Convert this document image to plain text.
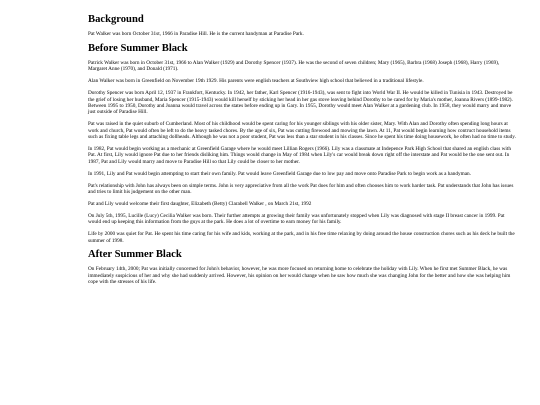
Background

Pat Walker was born October 31st, 1966 in Paradise Hill. He is the current handyman at Paradise Park.

Before Summer Black

Patrick Walker was born in October 31st, 1966 to Alan Walker (1929) and Dorothy Spencer (1937). He was the second of seven children; Mary (1965), Barbra (1968) Joseph (1968), Harry (1969), Margaret Anne (1970), and Donald (1971).

Alan Walker was born in Greenfield on November 19th 1929. His parents were english teachers at Southview high school that believed in a traditional lifestyle.

Dorothy Spencer was born April 12, 1937 in Frankfort, Kentucky. In 1942, her father, Karl Spencer (1916-1943), was sent to fight into World War II. He would be killed in Tunisia in 1943. Destroyed be the grief of losing her husband, Maria Spencer (1915-1943) would kill herself by sticking her head in her gas stove leaving behind Dorothy to be cared for by Maria's mother, Joanna Rivers (1899-1982). Between 1995 to 1950, Dorothy and Joanna would travel across the states before ending up in Gary. In 1955, Dorothy would meet Alan Walker at a gardening club. In 1958, they would marry and move just outside of Paradise Hill.

Pat was raised in the quiet suburb of Cumberland. Most of his childhood would be spent caring for his younger siblings with his older sister, Mary. With Alan and Dorothy often spending long hours at work and church, Pat would often be left to do the heavy tasked chores. By the age of six, Pat was cutting firewood and mowing the lawn. At 11, Pat would begin learning how contruct household items such as fixing table legs and attaching dollheads. Although he was not a poor student, Pat was less than a star student in his classes. Since he spent his time doing housework, he often had no time to study.

In 1982, Pat would begin working as a mechanic at Greenfield Garage where he would meet Lillian Rogers (1966). Lily was a classmate at Indepence Park High School that shared an english class with Pat. At first, Lily would ignore Pat due to her friends disliking him. Things would change in May of 1984 when Lily's car would break down right off the interstate and Pat would be the one sent out. In 1987, Pat and Lily would marry and move to Paradise Hill so that Lily could be closer to her mother.

In 1991, Lily and Pat would begin attempting to start their own family. Pat would leave Greenfield Garage due to low pay and move onto Paradise Park to begin work as a handyman.

Pat's relationship with John has always been on simple terms. John is very appreciative from all the work Pat does for him and often chooses him to work harder task. Pat understands that John has issues and tries to limit his judgement on the other man.

Pat and Lily would welcome their first daughter, Elizabeth (Betty) Clarabell Walker , on March 21st, 1992

On July 5th, 1995, Lucille (Lucy) Cecilia Walker was born. Their further attempts at growing their family was unfortunately stopped when Lily was diagnosed with stage II breast cancer in 1999. Pat would end up keeping this information from the guys at the park. He does a lot of overtime to earn money for his family.

Life by 2000 was quiet for Pat. He spent his time caring for his wife and kids, working at the park, and in his free time relaxing by doing around the house construction chores such as his deck he built the summer of 1998.

After Summer Black

On February 14th, 2000; Pat was initially concerned for John's behavior, however, he was more focused on returning home to celebrate the holiday with Lily. When he first met Summer Black, he was immediately suspicious of her and why she had suddenly arrived. However, his opinion on her would change when he saw how much she was changing John for the better and how she was helping him cope with the stresses of his life.
